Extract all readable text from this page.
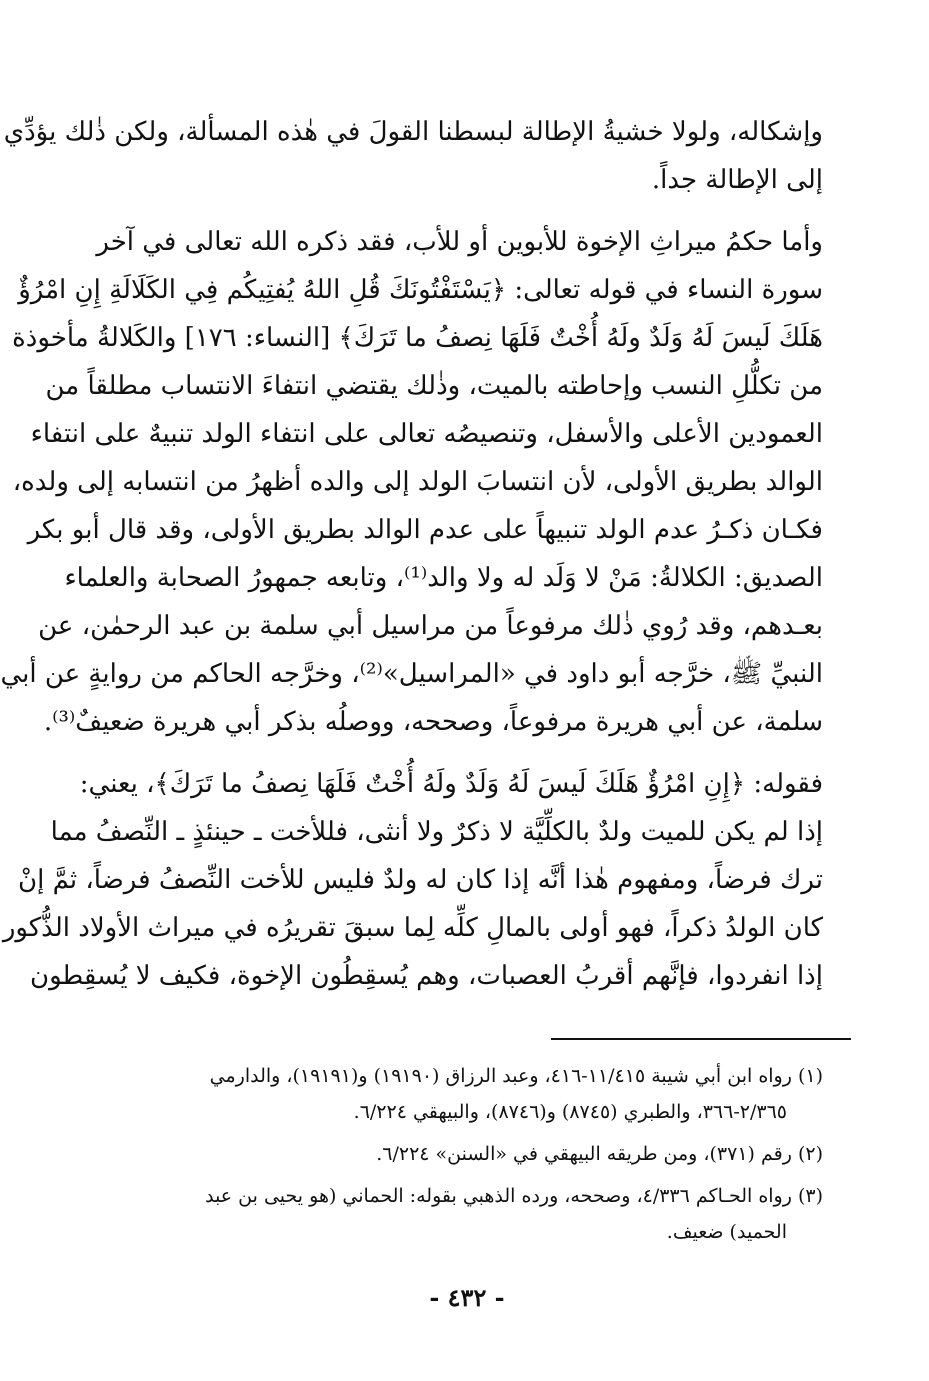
وإشكاله، ولولا خشيةُ الإطالة لبسطنا القولَ في هٰذه المسألة، ولكن ذٰلك يؤدِّي
إلى الإطالة جداً.

وأما حكمُ ميراثِ الإخوة للأبوين أو للأب، فقد ذكره الله تعالى في آخر
سورة النساء في قوله تعالى: ﴿يَسْتَفْتُونَكَ قُلِ اللهُ يُفتِيكُم فِي الكَلَالَةِ إِنِ امْرُؤٌ
هَلَكَ لَيسَ لَهُ وَلَدٌ ولَهُ أُخْتٌ فَلَهَا نِصفُ ما تَرَكَ﴾ [النساء: ١٧٦] والكَلالةُ مأخوذة
من تكلُّلِ النسب وإحاطته بالميت، وذٰلك يقتضي انتفاءَ الانتساب مطلقاً من
العمودين الأعلى والأسفل، وتنصيصُه تعالى على انتفاء الولد تنبيهٌ على انتفاء
الوالد بطريق الأولى، لأن انتسابَ الولد إلى والده أظهرُ من انتسابه إلى ولده،
فكـان ذكـرُ عدم الولد تنبيهاً على عدم الوالد بطريق الأولى، وقد قال أبو بكر
الصديق: الكلالةُ: مَنْ لا وَلَد له ولا والد⁽¹⁾، وتابعه جمهورُ الصحابة والعلماء
بعـدهم، وقد رُوي ذٰلك مرفوعاً من مراسيل أبي سلمة بن عبد الرحمٰن، عن
النبيِّ ﷺ، خرَّجه أبو داود في «المراسيل»⁽²⁾، وخرَّجه الحاكم من روايةٍ عن أبي
سلمة، عن أبي هريرة مرفوعاً، وصححه، ووصلُه بذكر أبي هريرة ضعيفٌ⁽³⁾.

فقوله: ﴿إِنِ امْرُؤٌ هَلَكَ لَيسَ لَهُ وَلَدٌ ولَهُ أُخْتٌ فَلَهَا نِصفُ ما تَرَكَ﴾، يعني:
إذا لم يكن للميت ولدٌ بالكلِّيَّة لا ذكرٌ ولا أنثى، فللأخت ـ حينئذٍ ـ النِّصفُ مما
ترك فرضاً، ومفهوم هٰذا أنَّه إذا كان له ولدٌ فليس للأخت النِّصفُ فرضاً، ثمَّ إنْ
كان الولدُ ذكراً، فهو أولى بالمالِ كلِّه لِما سبقَ تقريرُه في ميراث الأولاد الذُّكور
إذا انفردوا، فإنَّهم أقربُ العصبات، وهم يُسقِطُون الإخوة، فكيف لا يُسقِطون

(١) رواه ابن أبي شيبة ١١/٤١٥-٤١٦، وعبد الرزاق (١٩١٩٠) و(١٩١٩١)، والدارمي
٢/٣٦٥-٣٦٦، والطبري (٨٧٤٥) و(٨٧٤٦)، والبيهقي ٦/٢٢٤.

(٢) رقم (٣٧١)، ومن طريقه البيهقي في «السنن» ٦/٢٢٤.

(٣) رواه الحـاكم ٤/٣٣٦، وصححه، ورده الذهبي بقوله: الحماني (هو يحيى بن عبد
الحميد) ضعيف.

- ٤٣٢ -
